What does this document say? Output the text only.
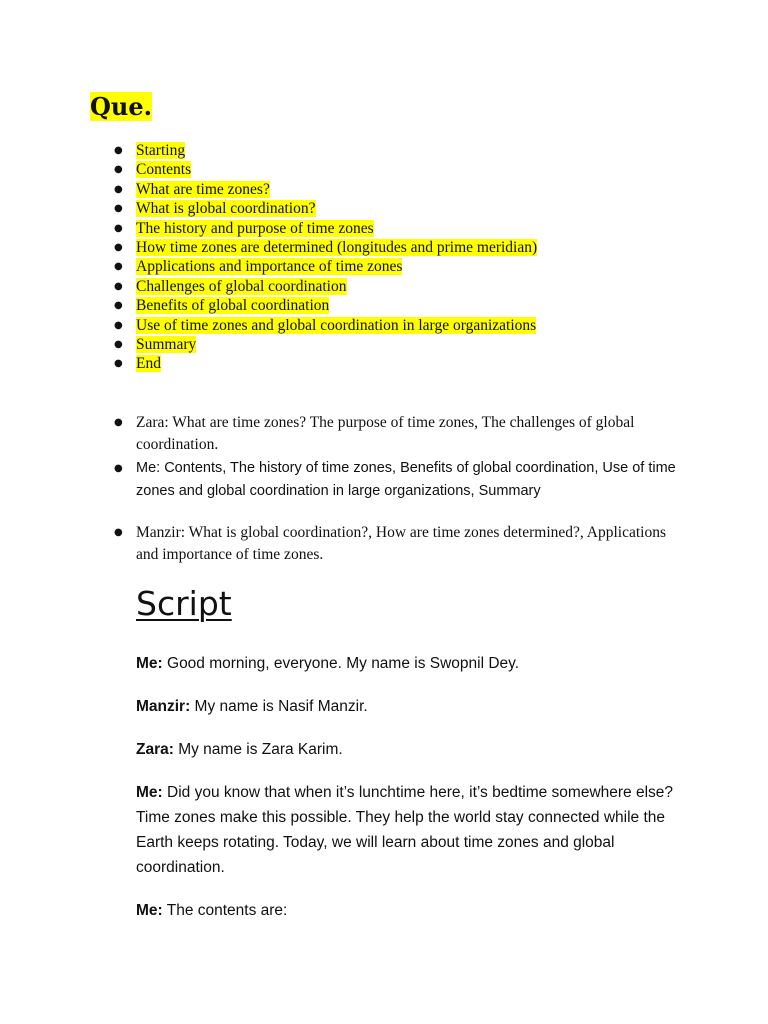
Que.
● Starting
● Contents
● What are time zones?
● What is global coordination?
● The history and purpose of time zones
● How time zones are determined (longitudes and prime meridian)
● Applications and importance of time zones
● Challenges of global coordination
● Benefits of global coordination
● Use of time zones and global coordination in large organizations
● Summary
● End
● Zara: What are time zones? The purpose of time zones, The challenges of global coordination.
● Me: Contents, The history of time zones, Benefits of global coordination, Use of time zones and global coordination in large organizations, Summary
● Manzir: What is global coordination?, How are time zones determined?, Applications and importance of time zones.
Script

Me: Good morning, everyone. My name is Swopnil Dey.

Manzir: My name is Nasif Manzir.

Zara: My name is Zara Karim.

Me: Did you know that when it’s lunchtime here, it’s bedtime somewhere else? Time zones make this possible. They help the world stay connected while the Earth keeps rotating. Today, we will learn about time zones and global coordination.

Me: The contents are:
